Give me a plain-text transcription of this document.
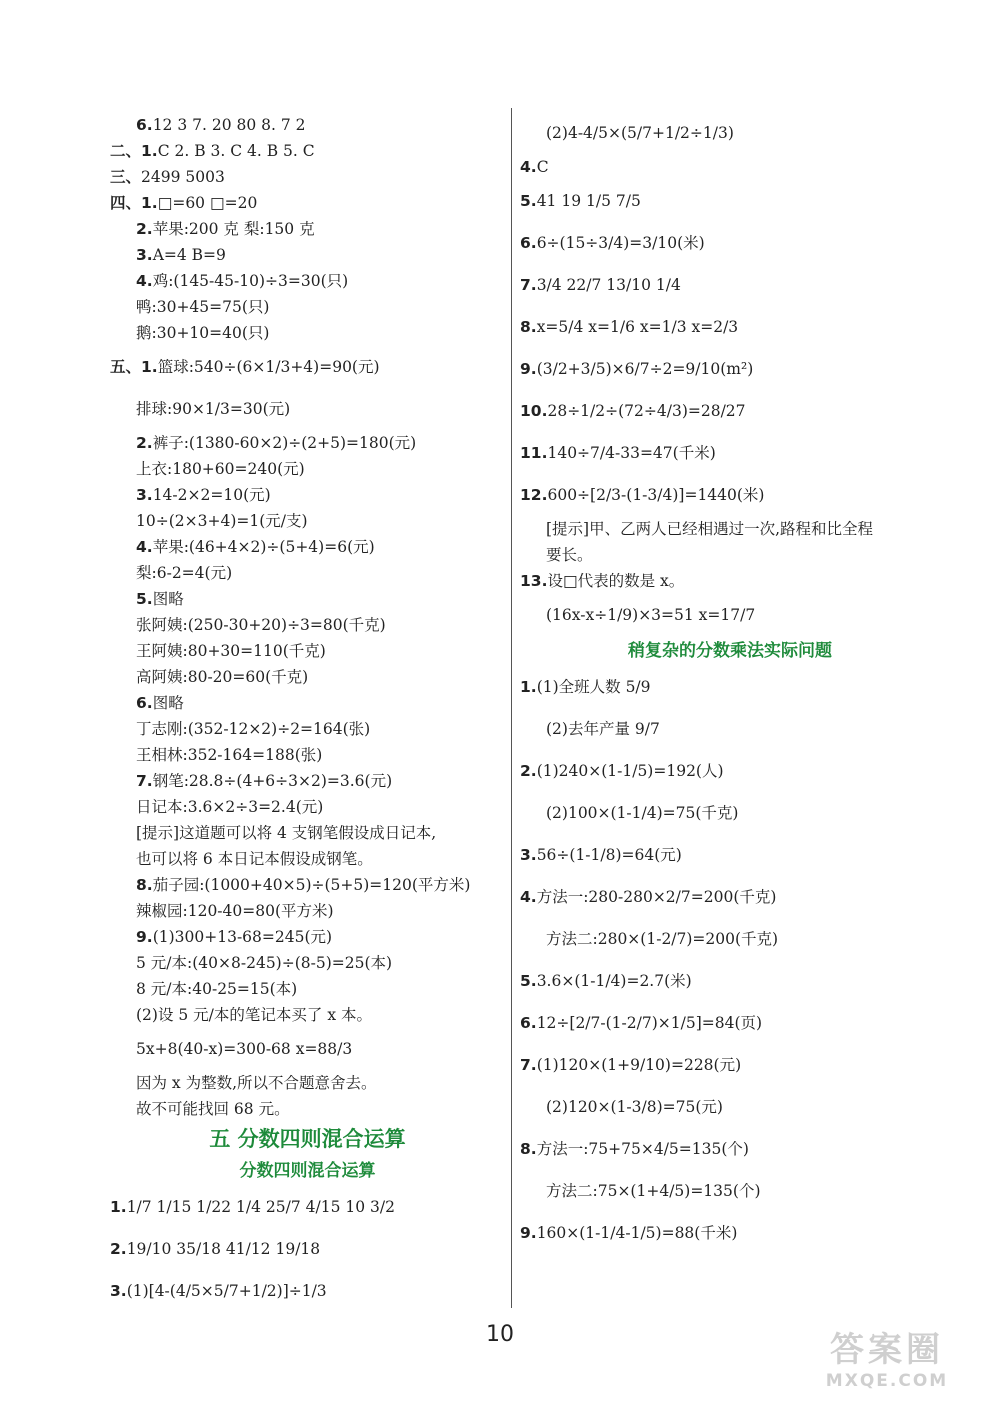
6.12 3 7. 20 80 8. 7 2
二、1.C 2. B 3. C 4. B 5. C
三、2499 5003
四、1.□=60 □=20
2.苹果:200 克 梨:150 克
3.A=4 B=9
4.鸡:(145-45-10)÷3=30(只)
鸭:30+45=75(只)
鹅:30+10=40(只)
五、1.篮球:540÷(6×1/3+4)=90(元)
排球:90×1/3=30(元)
2.裤子:(1380-60×2)÷(2+5)=180(元)
上衣:180+60=240(元)
3.14-2×2=10(元)
10÷(2×3+4)=1(元/支)
4.苹果:(46+4×2)÷(5+4)=6(元)
梨:6-2=4(元)
5.图略
张阿姨:(250-30+20)÷3=80(千克)
王阿姨:80+30=110(千克)
高阿姨:80-20=60(千克)
6.图略
丁志刚:(352-12×2)÷2=164(张)
王相林:352-164=188(张)
7.钢笔:28.8÷(4+6÷3×2)=3.6(元)
日记本:3.6×2÷3=2.4(元)
[提示]这道题可以将 4 支钢笔假设成日记本,
也可以将 6 本日记本假设成钢笔。
8.茄子园:(1000+40×5)÷(5+5)=120(平方米)
辣椒园:120-40=80(平方米)
9.(1)300+13-68=245(元)
5 元/本:(40×8-245)÷(8-5)=25(本)
8 元/本:40-25=15(本)
(2)设 5 元/本的笔记本买了 x 本。
5x+8(40-x)=300-68 x=88/3
因为 x 为整数,所以不合题意舍去。
故不可能找回 68 元。
五 分数四则混合运算
分数四则混合运算
1.1/7 1/15 1/22 1/4 25/7 4/15 10 3/2
2.19/10 35/18 41/12 19/18
3.(1)[4-(4/5×5/7+1/2)]÷1/3
(2)4-4/5×(5/7+1/2÷1/3)
4.C
5.41 19 1/5 7/5
6.6÷(15÷3/4)=3/10(米)
7.3/4 22/7 13/10 1/4
8.x=5/4 x=1/6 x=1/3 x=2/3
9.(3/2+3/5)×6/7÷2=9/10(m²)
10.28÷1/2÷(72÷4/3)=28/27
11.140÷7/4-33=47(千米)
12.600÷[2/3-(1-3/4)]=1440(米)
[提示]甲、乙两人已经相遇过一次,路程和比全程
要长。
13.设□代表的数是 x。
(16x-x÷1/9)×3=51 x=17/7
稍复杂的分数乘法实际问题
1.(1)全班人数 5/9
(2)去年产量 9/7
2.(1)240×(1-1/5)=192(人)
(2)100×(1-1/4)=75(千克)
3.56÷(1-1/8)=64(元)
4.方法一:280-280×2/7=200(千克)
方法二:280×(1-2/7)=200(千克)
5.3.6×(1-1/4)=2.7(米)
6.12÷[2/7-(1-2/7)×1/5]=84(页)
7.(1)120×(1+9/10)=228(元)
(2)120×(1-3/8)=75(元)
8.方法一:75+75×4/5=135(个)
方法二:75×(1+4/5)=135(个)
9.160×(1-1/4-1/5)=88(千米)
10	答案圈
MXQE.COM
